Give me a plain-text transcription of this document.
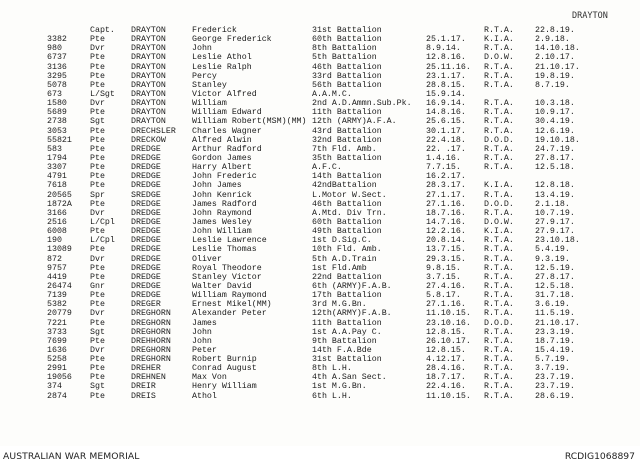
DRAYTON
Capt. DRAYTON	Frederick	31st Battalion	R.T.A.	22.8.19.
3382	Pte	DRAYTON	George Frederick	60th Battalion	25.1.17. K.I.A.	2.9.18.
980	Dvr	DRAYTON	John	8th Battalion	8.9.14.	R.T.A.	14.10.18.
6737	Pte	DRAYTON	Leslie Athol	5th Battalion	12.8.16. D.O.W.	2.10.17.
3136	Pte	DRAYTON	Leslie Ralph	46th Battalion	25.11.16. R.T.A.	21.10.17.
3295	Pte	DRAYTON	Percy	33rd Battalion	23.1.17. R.T.A.	19.8.19.
5078	Pte	DRAYTON	Stanley	56th Battalion	28.8.15. R.T.A.	8.7.19.
673	L/Sgt DRAYTON	Victor Alfred	A.A.M.C.	15.9.14.
1580	Dvr	DRAYTON	William	2nd A.D.Ammn.Sub.Pk. 16.9.14. R.T.A.	10.3.18.
5689	Pte	DRAYTON	William Edward	11th Battalion	14.8.16. R.T.A.	10.9.17.
2738	Sgt	DRAYTON	William Robert(MSM)(MM) 12th (ARMY)A.F.A.	25.6.15. R.T.A.	30.4.19.
3053	Pte	DRECHSLER Charles Wagner	43rd Battalion	30.1.17. R.T.A.	12.6.19.
55821 Pte	DRECKOW	Alfred Alwin	32nd Battalion	22.4.18. D.O.D.	19.10.18.
583	Pte	DREDGE	Arthur Radford	7th Fld. Amb.	22. .17. R.T.A.	24.7.19.
1794	Pte	DREDGE	Gordon James	35th Battalion	1.4.16.	R.T.A.	27.8.17.
3307	Pte	DREDGE	Harry Albert	A.F.C.	7.7.15.	R.T.A.	12.5.18.
4791	Pte	DREDGE	John Frederic	14th Battalion	16.2.17.
7618	Pte	DREDGE	John James	42ndBattalion	28.3.17. K.I.A.	12.8.18.
20565 Spr	SREDGE	John Kenrick	L.Motor W.Sect.	27.1.17. R.T.A.	13.4.19.
1872A Pte	DREDGE	James Radford	46th Battalion	27.1.16. D.O.D.	2.1.18.
3166	Dvr	DREDGE	John Raymond	A.Mtd. Div Trn.	18.7.16. R.T.A.	10.7.19.
2516	L/Cpl DREDGE	James Wesley	60th Battalion	14.7.16. D.O.W.	27.9.17.
6008	Pte	DREDGE	John William	49th Battalion	12.2.16. K.I.A.	27.9.17.
190	L/Cpl DREDGE	Leslie Lawrence	1st D.Sig.C.	20.8.14. R.T.A.	23.10.18.
13089 Pte	DREDGE	Leslie Thomas	10th Fld. Amb.	13.7.15. R.T.A.	5.4.19.
872	Dvr	DREDGE	Oliver	5th A.D.Train	29.3.15. R.T.A.	9.3.19.
9757	Pte	DREDGE	Royal Theodore	1st Fld.Amb	9.8.15.	R.T.A.	12.5.19.
4419	Pte	DREDGE	Stanley Victor	22nd Battalion	3.7.15.	R.T.A.	27.8.17.
26474 Gnr	DREDGE	Walter David	6th (ARMY)F.A.B.	27.4.16. R.T.A.	12.5.18.
7139	Pte	DREDGE	William Raymond	17th Battalion	5.8.17.	R.T.A.	31.7.18.
5382	Pte	DREGER	Ernest Mikel(MM)	3rd M.G.Bn.	27.1.16. R.T.A.	3.6.19.
20779 Dvr	DREGHORN	Alexander Peter	12th(ARMY)F.A.B.	11.10.15. R.T.A.	11.5.19.
7221	Pte	DREGHORN	James	11th Battalion	23.10.16. D.O.D.	21.10.17.
3733	Sgt	DREGHORN	John	1st A.A.Pay C.	12.8.15. R.T.A.	23.3.19.
7699	Pte	DREHHORN	John	9th Battalion	26.10.17. R.T.A.	18.7.19.
1636	Dvr	DREGHORN	Peter	14th F.A.Bde	12.8.15. R.T.A.	15.4.19.
5258	Pte	DREGHORN	Robert Burnip	31st Battalion	4.12.17. R.T.A.	5.7.19.
2991	Pte	DREHER	Conrad August	8th L.H.	28.4.16. R.T.A.	3.7.19.
19056 Pte	DREHNEN	Max Von	4th A.San Sect.	18.7.17. R.T.A.	23.7.19.
374	Sgt	DREIR	Henry William	1st M.G.Bn.	22.4.16. R.T.A.	23.7.19.
2874	Pte	DREIS	Athol	6th L.H.	11.10.15. R.T.A.	28.6.19.
AUSTRALIAN WAR MEMORIAL	RCDIG1068897
